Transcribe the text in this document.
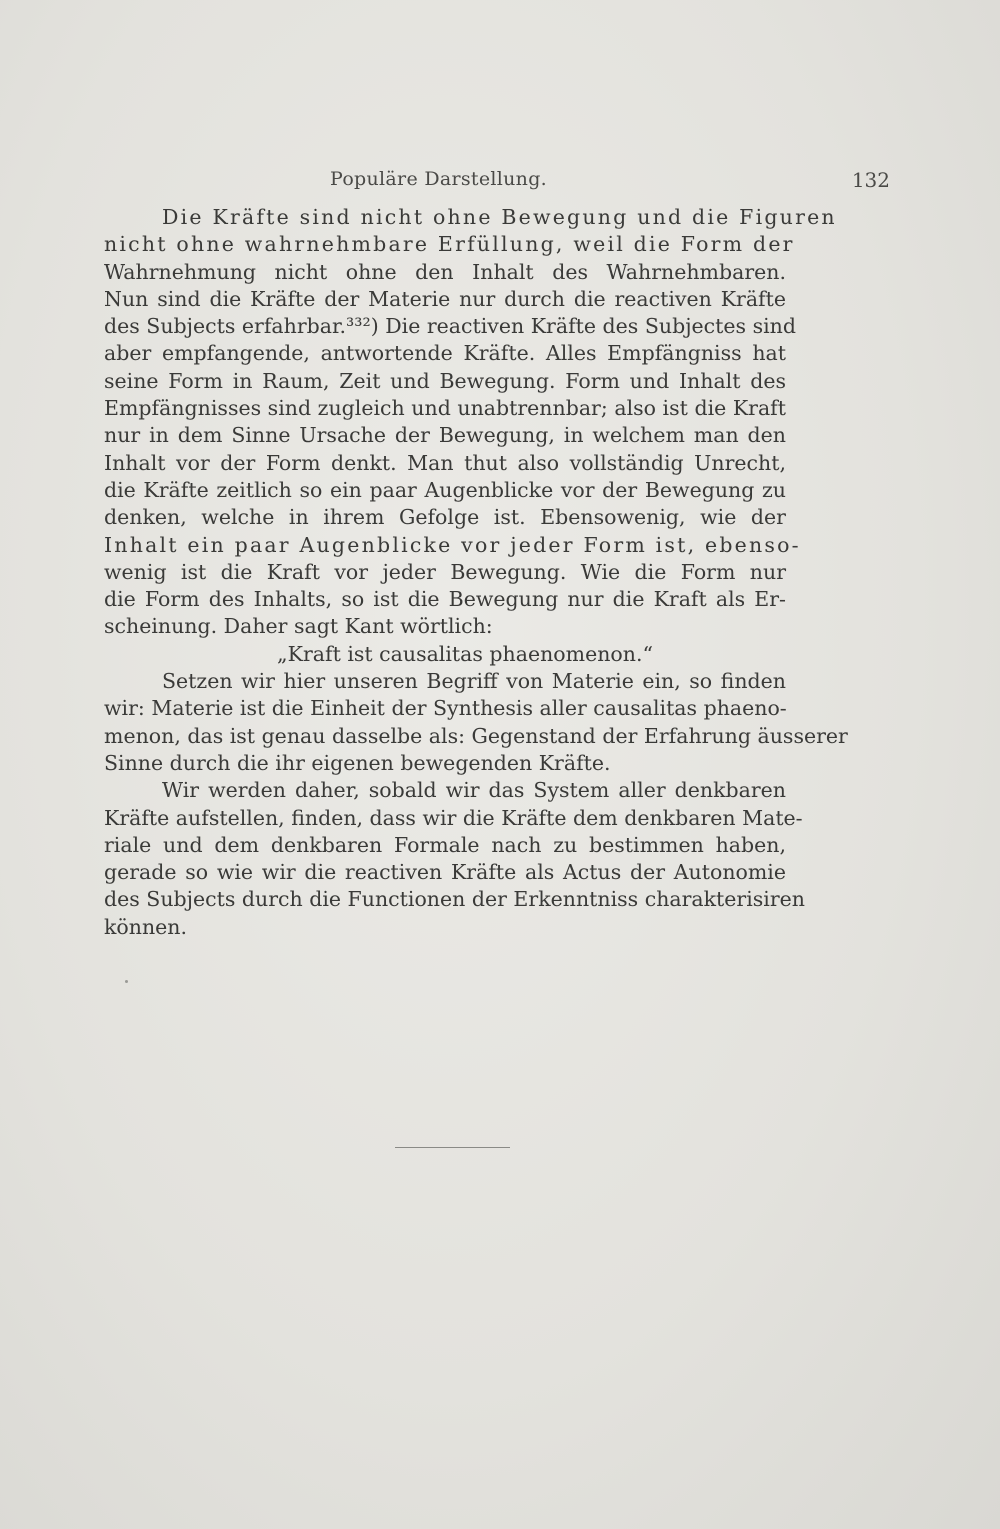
Populäre Darstellung.	132
Die Kräfte sind nicht ohne Bewegung und die Figuren
nicht ohne wahrnehmbare Erfüllung, weil die Form der
Wahrnehmung nicht ohne den Inhalt des Wahrnehmbaren.
Nun sind die Kräfte der Materie nur durch die reactiven Kräfte
des Subjects erfahrbar.³³²) Die reactiven Kräfte des Subjectes sind
aber empfangende, antwortende Kräfte. Alles Empfängniss hat
seine Form in Raum, Zeit und Bewegung. Form und Inhalt des
Empfängnisses sind zugleich und unabtrennbar; also ist die Kraft
nur in dem Sinne Ursache der Bewegung, in welchem man den
Inhalt vor der Form denkt. Man thut also vollständig Unrecht,
die Kräfte zeitlich so ein paar Augenblicke vor der Bewegung zu
denken, welche in ihrem Gefolge ist. Ebensowenig, wie der
Inhalt ein paar Augenblicke vor jeder Form ist, ebenso-
wenig ist die Kraft vor jeder Bewegung. Wie die Form nur
die Form des Inhalts, so ist die Bewegung nur die Kraft als Er-
scheinung. Daher sagt Kant wörtlich:
„Kraft ist causalitas phaenomenon.“
Setzen wir hier unseren Begriff von Materie ein, so finden
wir: Materie ist die Einheit der Synthesis aller causalitas phaeno-
menon, das ist genau dasselbe als: Gegenstand der Erfahrung äusserer
Sinne durch die ihr eigenen bewegenden Kräfte.
Wir werden daher, sobald wir das System aller denkbaren
Kräfte aufstellen, finden, dass wir die Kräfte dem denkbaren Mate-
riale und dem denkbaren Formale nach zu bestimmen haben,
gerade so wie wir die reactiven Kräfte als Actus der Autonomie
des Subjects durch die Functionen der Erkenntniss charakterisiren
können.
